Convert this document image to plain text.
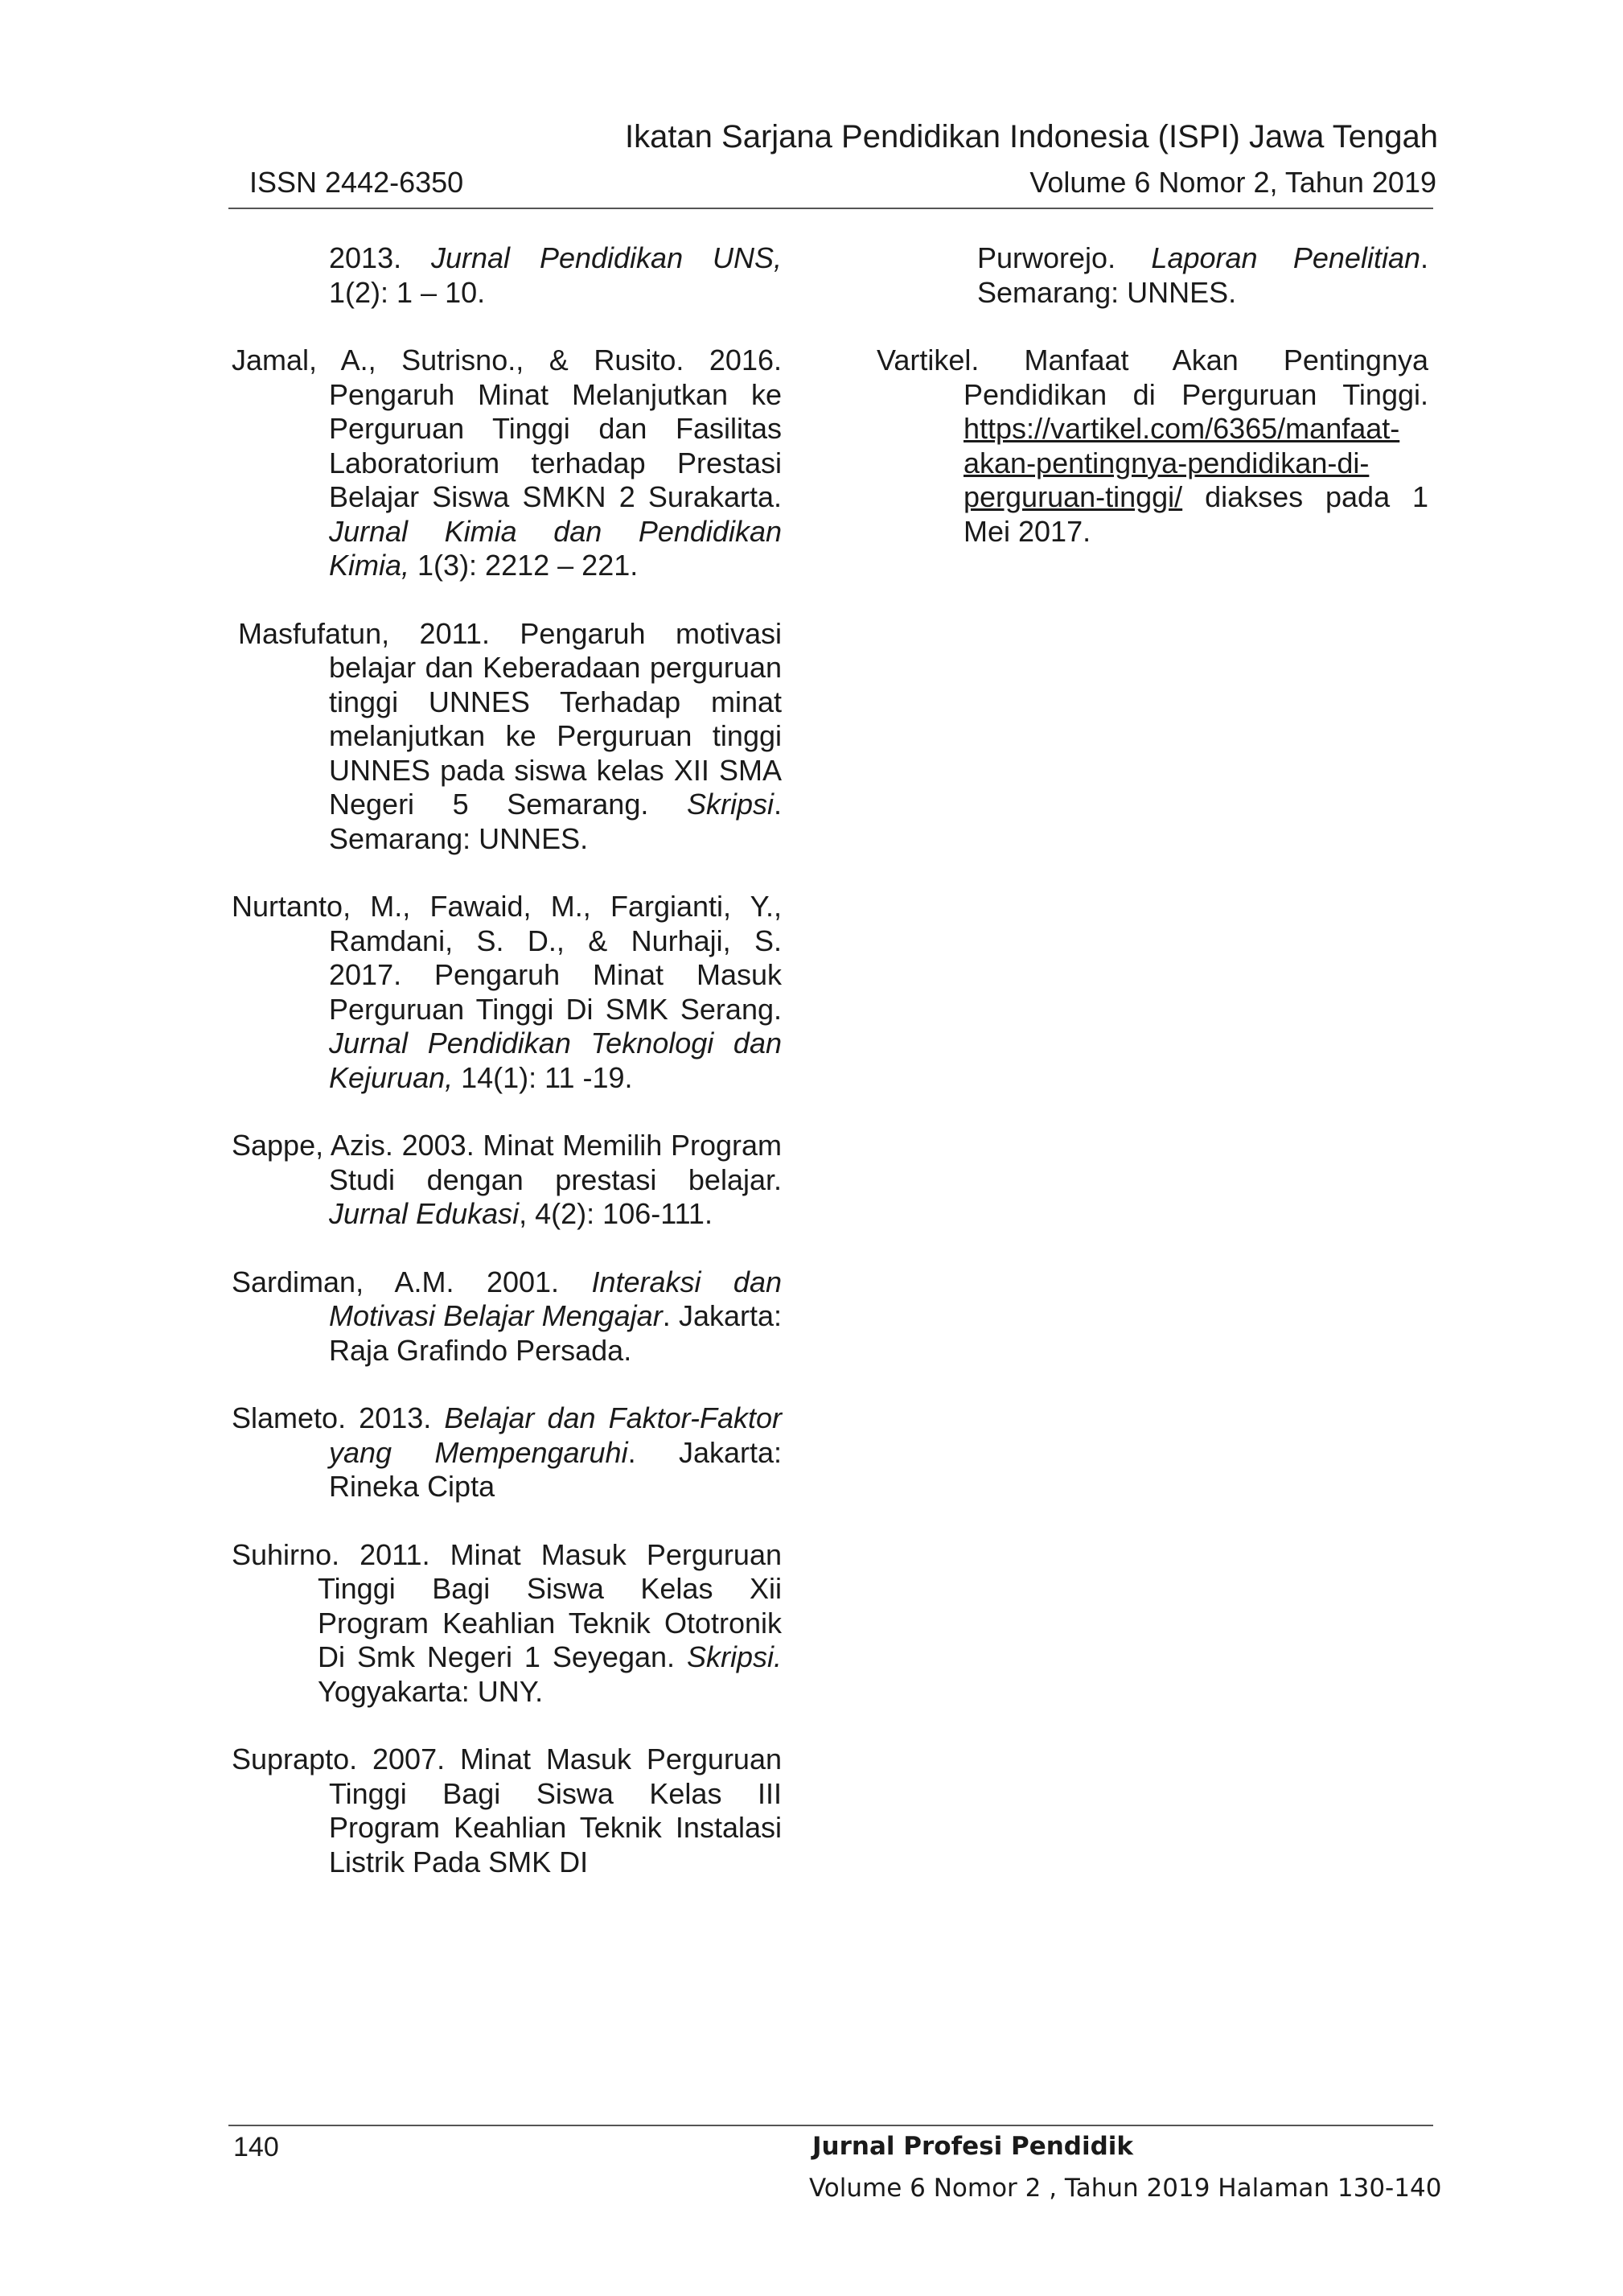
Ikatan Sarjana Pendidikan Indonesia (ISPI) Jawa Tengah
ISSN 2442-6350	Volume 6 Nomor 2, Tahun 2019

2013. Jurnal Pendidikan UNS, 1(2): 1 – 10.

Jamal, A., Sutrisno., & Rusito. 2016. Pengaruh Minat Melanjutkan ke Perguruan Tinggi dan Fasilitas Laboratorium terhadap Prestasi Belajar Siswa SMKN 2 Surakarta. Jurnal Kimia dan Pendidikan Kimia, 1(3): 2212 – 221.

Masfufatun, 2011. Pengaruh motivasi belajar dan Keberadaan perguruan tinggi UNNES Terhadap minat melanjutkan ke Perguruan tinggi UNNES pada siswa kelas XII SMA Negeri 5 Semarang. Skripsi. Semarang: UNNES.

Nurtanto, M., Fawaid, M., Fargianti, Y., Ramdani, S. D., & Nurhaji, S. 2017. Pengaruh Minat Masuk Perguruan Tinggi Di SMK Serang. Jurnal Pendidikan Teknologi dan Kejuruan, 14(1): 11 -19.

Sappe, Azis. 2003. Minat Memilih Program Studi dengan prestasi belajar. Jurnal Edukasi, 4(2): 106-111.

Sardiman, A.M. 2001. Interaksi dan Motivasi Belajar Mengajar. Jakarta: Raja Grafindo Persada.

Slameto. 2013. Belajar dan Faktor-Faktor yang Mempengaruhi. Jakarta: Rineka Cipta

Suhirno. 2011. Minat Masuk Perguruan Tinggi Bagi Siswa Kelas Xii Program Keahlian Teknik Ototronik Di Smk Negeri 1 Seyegan. Skripsi. Yogyakarta: UNY.

Suprapto. 2007. Minat Masuk Perguruan Tinggi Bagi Siswa Kelas III Program Keahlian Teknik Instalasi Listrik Pada SMK DI

Purworejo. Laporan Penelitian. Semarang: UNNES.

Vartikel. Manfaat Akan Pentingnya Pendidikan di Perguruan Tinggi. https://vartikel.com/6365/manfaat-akan-pentingnya-pendidikan-di-perguruan-tinggi/ diakses pada 1 Mei 2017.

140	Jurnal Profesi Pendidik
Volume 6 Nomor 2 , Tahun 2019 Halaman 130-140
